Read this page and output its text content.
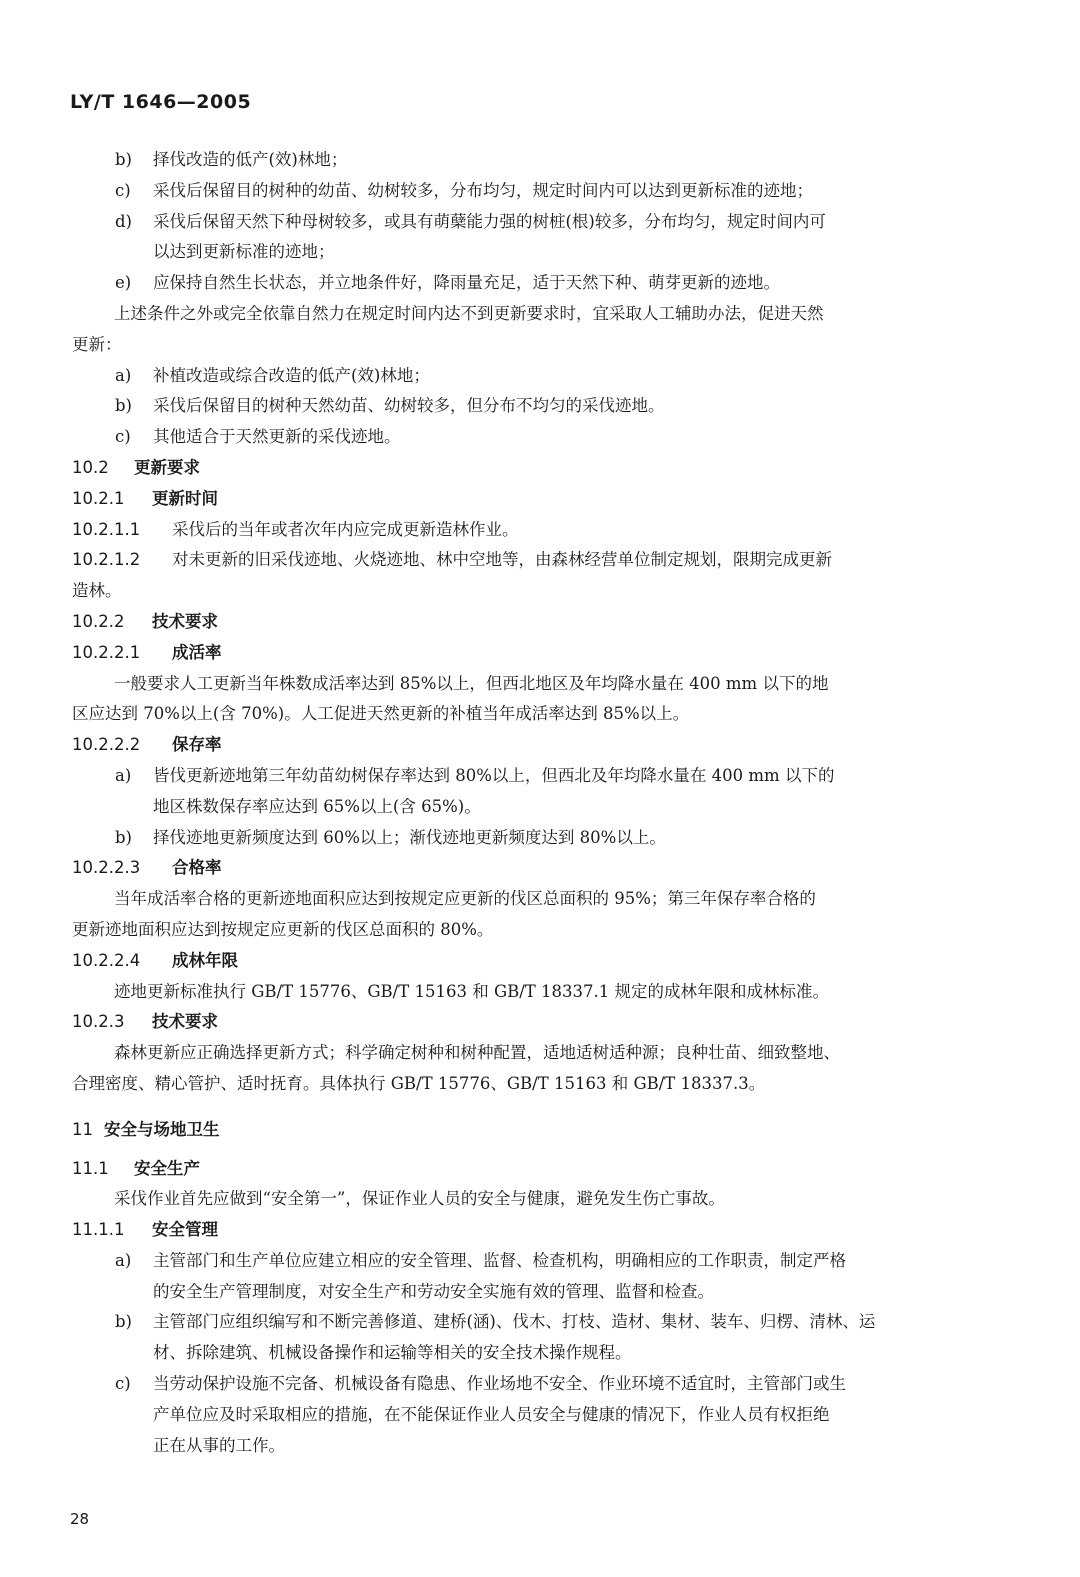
LY/T 1646—2005
b) 择伐改造的低产(效)林地；
c) 采伐后保留目的树种的幼苗、幼树较多，分布均匀，规定时间内可以达到更新标准的迹地；
d) 采伐后保留天然下种母树较多，或具有萌蘖能力强的树桩(根)较多，分布均匀，规定时间内可
以达到更新标准的迹地；
e) 应保持自然生长状态，并立地条件好，降雨量充足，适于天然下种、萌芽更新的迹地。
上述条件之外或完全依靠自然力在规定时间内达不到更新要求时，宜采取人工辅助办法，促进天然
更新：
a) 补植改造或综合改造的低产(效)林地；
b) 采伐后保留目的树种天然幼苗、幼树较多，但分布不均匀的采伐迹地。
c) 其他适合于天然更新的采伐迹地。
10.2 更新要求
10.2.1 更新时间
10.2.1.1 采伐后的当年或者次年内应完成更新造林作业。
10.2.1.2 对未更新的旧采伐迹地、火烧迹地、林中空地等，由森林经营单位制定规划，限期完成更新
造林。
10.2.2 技术要求
10.2.2.1 成活率
一般要求人工更新当年株数成活率达到 85%以上，但西北地区及年均降水量在 400 mm 以下的地
区应达到 70%以上(含 70%)。人工促进天然更新的补植当年成活率达到 85%以上。
10.2.2.2 保存率
a) 皆伐更新迹地第三年幼苗幼树保存率达到 80%以上，但西北及年均降水量在 400 mm 以下的
地区株数保存率应达到 65%以上(含 65%)。
b) 择伐迹地更新频度达到 60%以上；渐伐迹地更新频度达到 80%以上。
10.2.2.3 合格率
当年成活率合格的更新迹地面积应达到按规定应更新的伐区总面积的 95%；第三年保存率合格的
更新迹地面积应达到按规定应更新的伐区总面积的 80%。
10.2.2.4 成林年限
迹地更新标准执行 GB/T 15776、GB/T 15163 和 GB/T 18337.1 规定的成林年限和成林标准。
10.2.3 技术要求
森林更新应正确选择更新方式；科学确定树种和树种配置，适地适树适种源；良种壮苗、细致整地、
合理密度、精心管护、适时抚育。具体执行 GB/T 15776、GB/T 15163 和 GB/T 18337.3。
11 安全与场地卫生
11.1 安全生产
采伐作业首先应做到“安全第一”，保证作业人员的安全与健康，避免发生伤亡事故。
11.1.1 安全管理
a) 主管部门和生产单位应建立相应的安全管理、监督、检查机构，明确相应的工作职责，制定严格
的安全生产管理制度，对安全生产和劳动安全实施有效的管理、监督和检查。
b) 主管部门应组织编写和不断完善修道、建桥(涵)、伐木、打枝、造材、集材、装车、归楞、清林、运
材、拆除建筑、机械设备操作和运输等相关的安全技术操作规程。
c) 当劳动保护设施不完备、机械设备有隐患、作业场地不安全、作业环境不适宜时，主管部门或生
产单位应及时采取相应的措施，在不能保证作业人员安全与健康的情况下，作业人员有权拒绝
正在从事的工作。
28
